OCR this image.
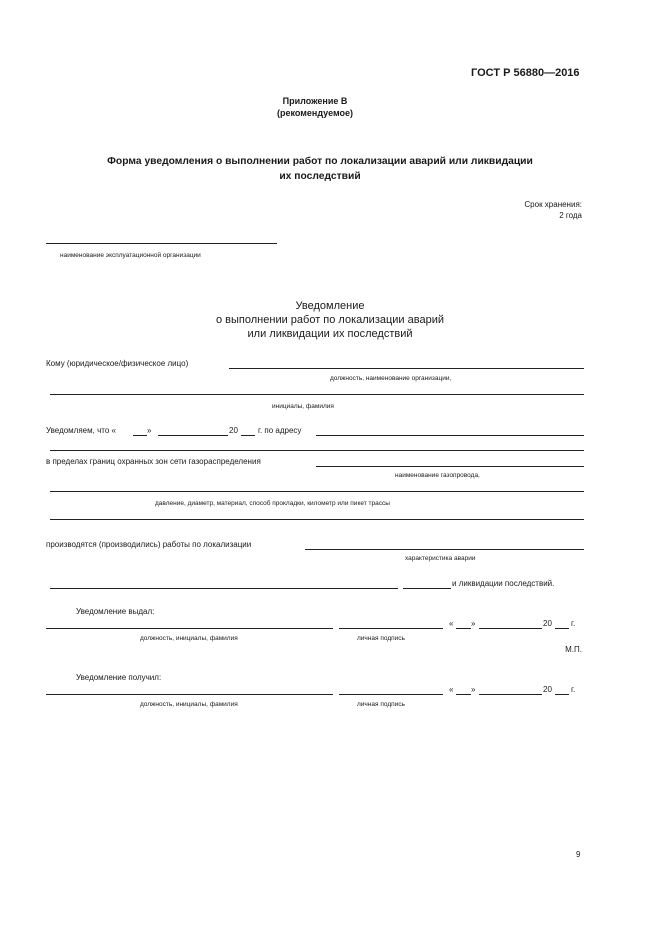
ГОСТ Р 56880—2016
Приложение В
(рекомендуемое)
Форма уведомления о выполнении работ по локализации аварий или ликвидации
их последствий
Срок хранения:
2 года
наименование эксплуатационной организации
Уведомление
о выполнении работ по локализации аварий
или ликвидации их последствий
Кому (юридическое/физическое лицо)
должность, наименование организации,
инициалы, фамилия
Уведомляем, что «	»	20	г. по адресу
в пределах границ охранных зон сети газораспределения
наименование газопровода,
давление, диаметр, материал, способ прокладки, километр или пикет трассы
производятся (производились) работы по локализации
характеристика аварии
и ликвидации последствий.
Уведомление выдал:
« »	20 г.
должность, инициалы, фамилия	личная подпись
М.П.
Уведомление получил:
« »	20 г.
должность, инициалы, фамилия	личная подпись
9
